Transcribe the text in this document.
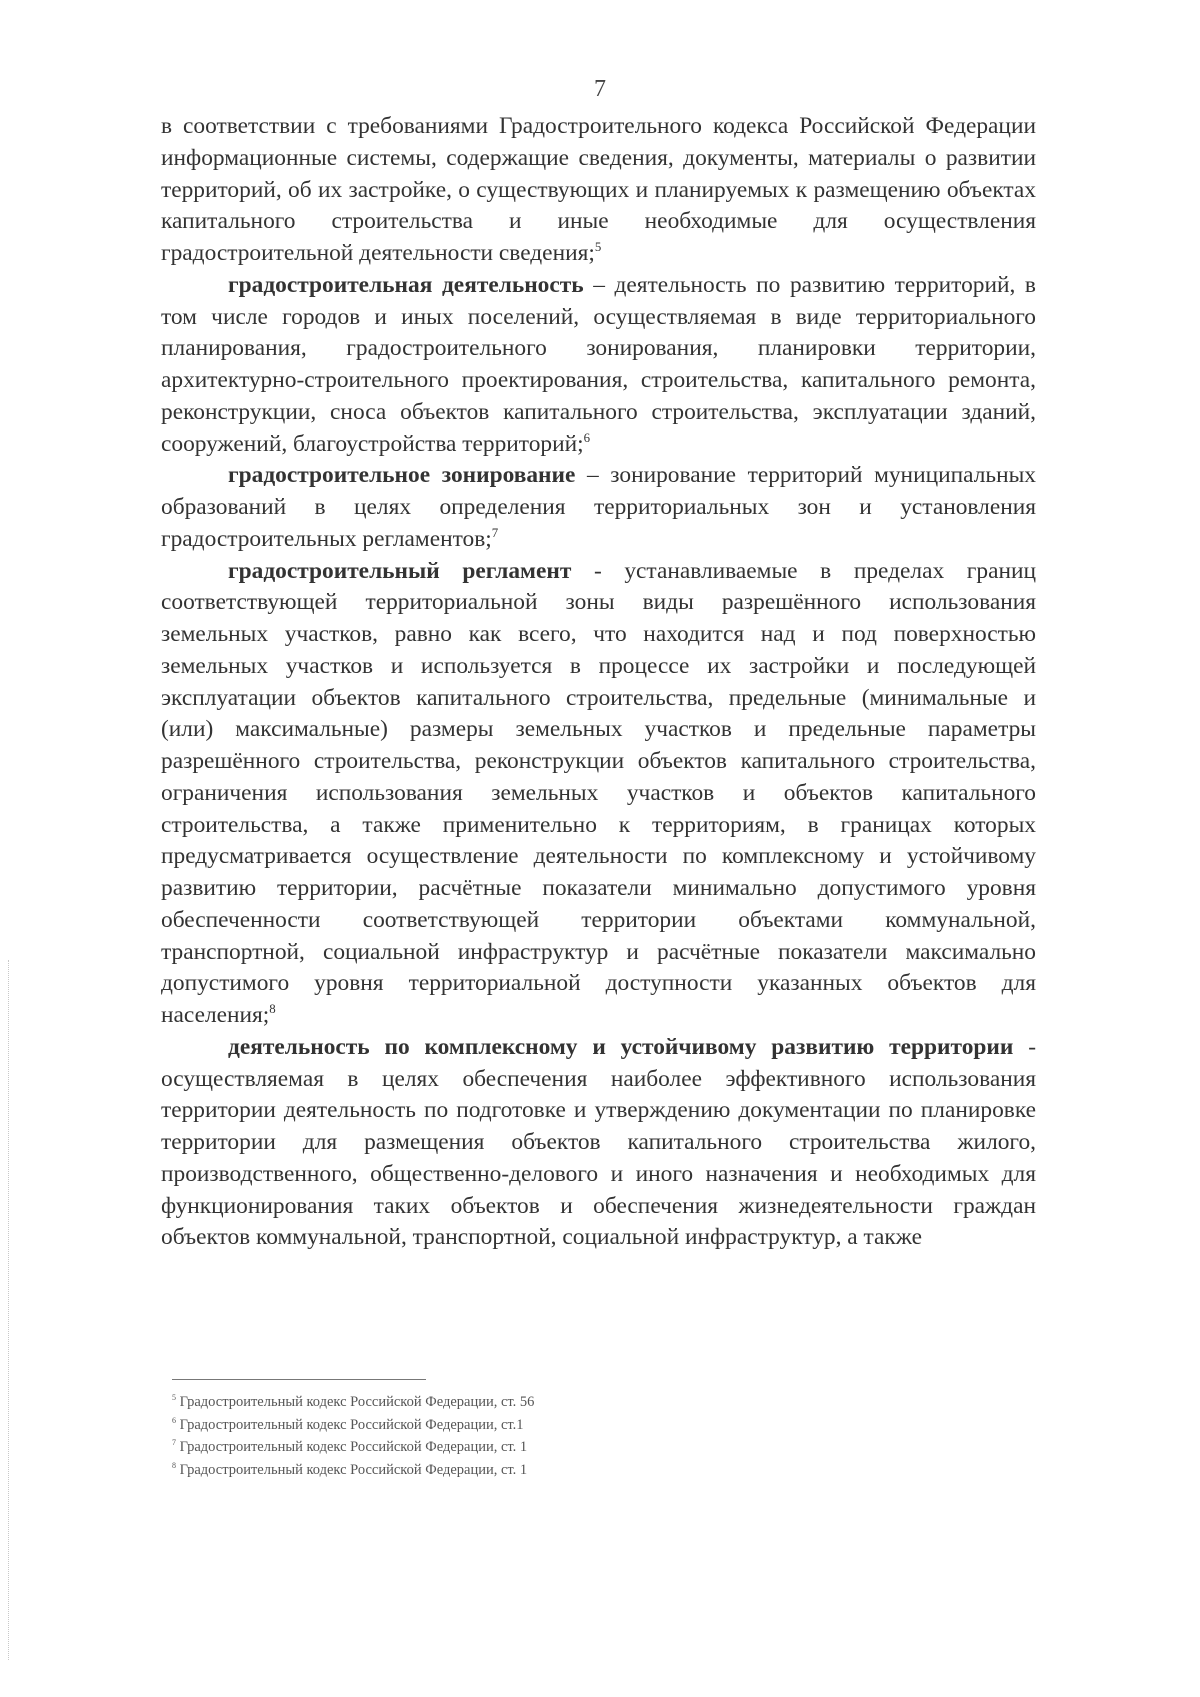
7

в соответствии с требованиями Градостроительного кодекса Российской Федерации информационные системы, содержащие сведения, документы, материалы о развитии территорий, об их застройке, о существующих и планируемых к размещению объектах капитального строительства и иные необходимые для осуществления градостроительной деятельности сведения;$^5$

градостроительная деятельность – деятельность по развитию территорий, в том числе городов и иных поселений, осуществляемая в виде территориального планирования, градостроительного зонирования, планировки территории, архитектурно-строительного проектирования, строительства, капитального ремонта, реконструкции, сноса объектов капитального строительства, эксплуатации зданий, сооружений, благоустройства территорий;$^6$

градостроительное зонирование – зонирование территорий муниципальных образований в целях определения территориальных зон и установления градостроительных регламентов;$^7$

градостроительный регламент - устанавливаемые в пределах границ соответствующей территориальной зоны виды разрешённого использования земельных участков, равно как всего, что находится над и под поверхностью земельных участков и используется в процессе их застройки и последующей эксплуатации объектов капитального строительства, предельные (минимальные и (или) максимальные) размеры земельных участков и предельные параметры разрешённого строительства, реконструкции объектов капитального строительства, ограничения использования земельных участков и объектов капитального строительства, а также применительно к территориям, в границах которых предусматривается осуществление деятельности по комплексному и устойчивому развитию территории, расчётные показатели минимально допустимого уровня обеспеченности соответствующей территории объектами коммунальной, транспортной, социальной инфраструктур и расчётные показатели максимально допустимого уровня территориальной доступности указанных объектов для населения;$^8$

деятельность по комплексному и устойчивому развитию территории - осуществляемая в целях обеспечения наиболее эффективного использования территории деятельность по подготовке и утверждению документации по планировке территории для размещения объектов капитального строительства жилого, производственного, общественно-делового и иного назначения и необходимых для функционирования таких объектов и обеспечения жизнедеятельности граждан объектов коммунальной, транспортной, социальной инфраструктур, а также

$^5$ Градостроительный кодекс Российской Федерации, ст. 56
$^6$ Градостроительный кодекс Российской Федерации, ст.1
$^7$ Градостроительный кодекс Российской Федерации, ст. 1
$^8$ Градостроительный кодекс Российской Федерации, ст. 1
